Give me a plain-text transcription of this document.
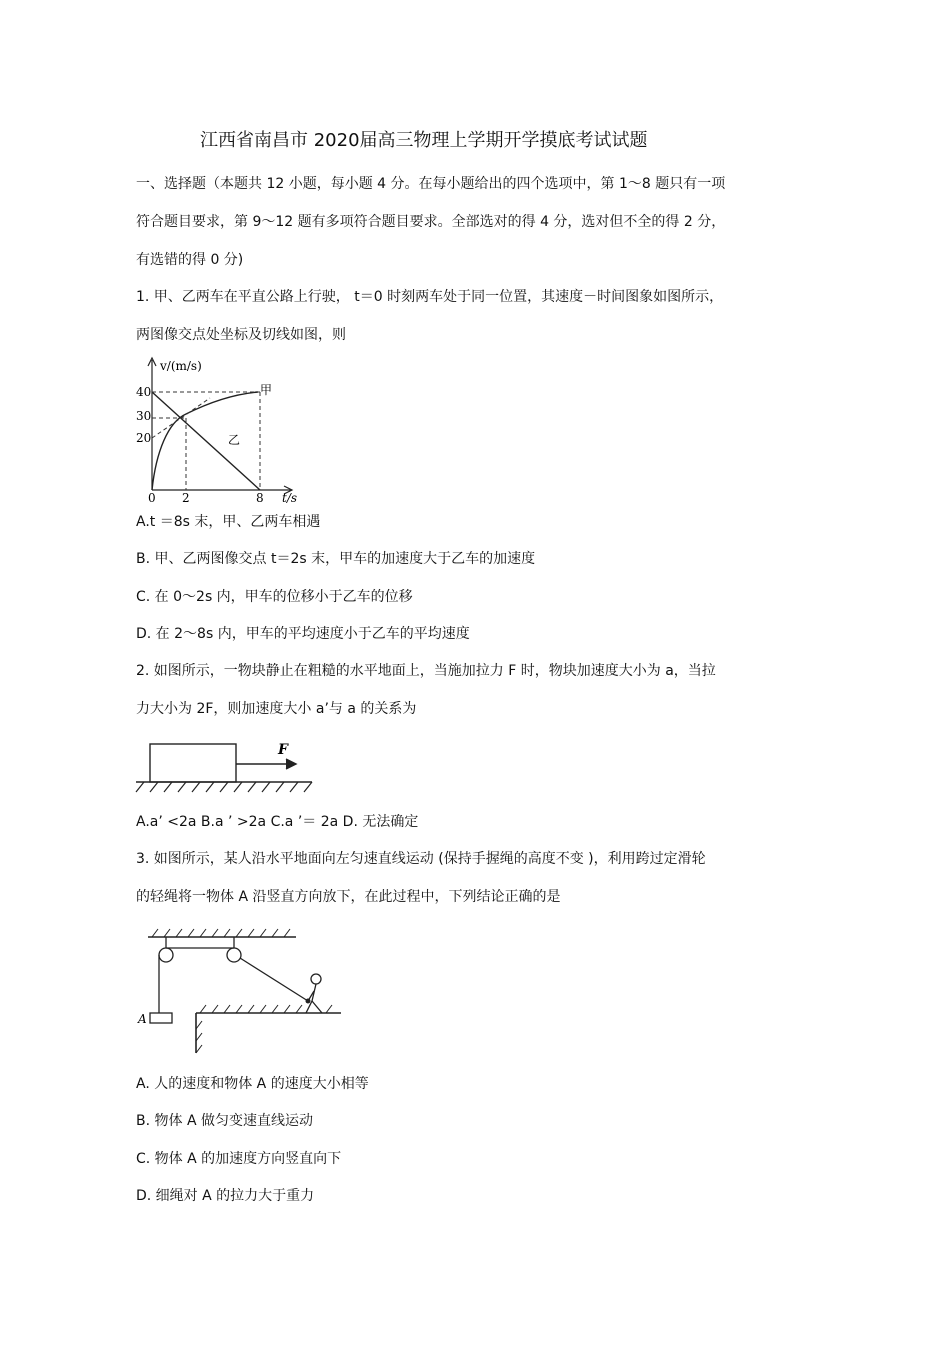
江西省南昌市 2020届高三物理上学期开学摸底考试试题
一、选择题（本题共 12 小题，每小题 4 分。在每小题给出的四个选项中，第 1～8 题只有一项
符合题目要求，第 9～12 题有多项符合题目要求。全部选对的得 4 分，选对但不全的得 2 分，
有选错的得 0 分)
1. 甲、乙两车在平直公路上行驶， t＝0 时刻两车处于同一位置，其速度－时间图象如图所示，
两图像交点处坐标及切线如图，则
v/(m/s)
t/s
40
30
20
0 2	8
甲
乙
A.t ＝8s 末，甲、乙两车相遇
B. 甲、乙两图像交点 t＝2s 末，甲车的加速度大于乙车的加速度
C. 在 0～2s 内，甲车的位移小于乙车的位移
D. 在 2～8s 内，甲车的平均速度小于乙车的平均速度
2. 如图所示，一物块静止在粗糙的水平地面上，当施加拉力 F 时，物块加速度大小为 a，当拉
力大小为 2F，则加速度大小 a’与 a 的关系为
F
A.a’ <2a B.a ’ >2a C.a ’＝ 2a D. 无法确定
3. 如图所示，某人沿水平地面向左匀速直线运动 (保持手握绳的高度不变 )，利用跨过定滑轮
的轻绳将一物体 A 沿竖直方向放下，在此过程中，下列结论正确的是
A
A. 人的速度和物体 A 的速度大小相等
B. 物体 A 做匀变速直线运动
C. 物体 A 的加速度方向竖直向下
D. 细绳对 A 的拉力大于重力
